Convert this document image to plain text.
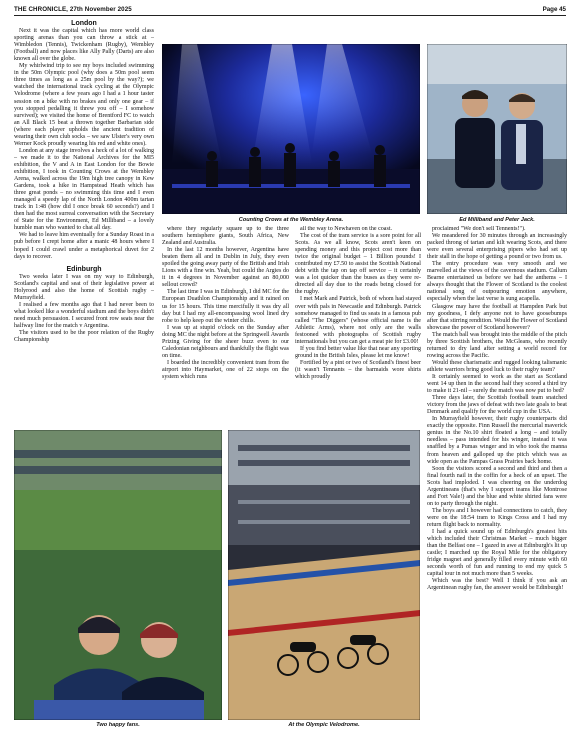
THE CHRONICLE, 27th November 2025	Page 45
London

Next it was the capital which has more world class sporting arenas than you can throw a stick at – Wimbledon (Tennis), Twickenham (Rugby), Wembley (Football) and now places like Ally Pally (Darts) are also known all over the globe.

My whirlwind trip to see my boys included swimming in the 50m Olympic pool (why does a 50m pool seem three times as long as a 25m pool by the way?); we watched the international track cycling at the Olympic Velodrome (where a few years ago I had a 1 hour taster session on a bike with no brakes and only one gear – if you stopped pedalling it threw you off – I somehow survived); we visited the home of Brentford FC to watch an All Black 15 beat a thrown together Barbarian side (where each player upholds the ancient tradition of wearing their own club socks – we saw Ulster's very own Werner Kock proudly wearing his red and white ones).

London at any stage involves a heck of a lot of walking – we made it to the National Archives for the MI5 exhibition, the V and A in East London for the Bowie exhibition, I took in Counting Crows at the Wembley Arena, walked across the 19m high tree canopy in Kew Gardens, took a hike in Hampstead Heath which has three great ponds – no swimming this time and I even managed a speedy lap of the North London 400m tartan track in 1:48 (how did I once break 60 seconds?) and I then had the most surreal conversation with the Secretary of State for the Environment, Ed Milliband – a lovely humble man who wanted to chat all day.

We had to leave him eventually for a Sunday Roast in a pub before I crept home after a manic 48 hours where I hoped I could crawl under a metaphorical duvet for 2 days to recover.

Edinburgh

Two weeks later I was on my way to Edinburgh, Scotland's capital and seat of their legislative power at Holyrood and also the home of Scottish rugby – Murrayfield.

I realised a few months ago that I had never been to what looked like a wonderful stadium and the boys didn't need much persuasion. I secured front row seats near the halfway line for the match v Argentina.

The visitors used to be the poor relation of the Rugby Championship

Counting Crows at the Wembley Arena.	Ed Milliband and Peter Jack.

where they regularly square up to the three southern hemisphere giants, South Africa, New Zealand and Australia.

In the last 12 months however, Argentina have beaten them all and in Dublin in July, they even spoiled the going away party of the British and Irish Lions with a fine win. Yeah, but could the Argies do it in 4 degrees in November against an 80,000 sellout crowd?

The last time I was in Edinburgh, I did MC for the European Duathlon Championship and it rained on us for 15 hours. This time mercifully it was dry all day but I had my all-encompassing wool lined dry robe to help keep out the winter chills.

I was up at stupid o'clock on the Sunday after doing MC the night before at the Springwell Awards Prizing Giving for the sheer buzz even to our Caledonian neighbours and thankfully the flight was on time.

I boarded the incredibly convenient tram from the airport into Haymarket, one of 22 stops on the system which runs

all the way to Newhaven on the coast.

The cost of the tram service is a sore point for all Scots. As we all know, Scots aren't keen on spending money and this project cost more than twice the original budget – 1 Billion pounds! I contributed my £7.50 to assist the Scottish National debt with the tap on tap off service – it certainly was a lot quicker than the buses as they were re-directed all day due to the roads being closed for the rugby.

I met Mark and Patrick, both of whom had stayed over with pals in Newcastle and Edinburgh. Patrick somehow managed to find us seats in a famous pub called "The Diggers" (whose official name is the Athletic Arms), where not only are the walls festooned with photographs of Scottish rugby internationals but you can get a meat pie for £3.00!

If you find better value like that near any sporting ground in the British Isles, please let me know!

Fortified by a pint or two of Scotland's finest beer (it wasn't Tennants – the barmaids wore shirts which proudly

proclaimed "We don't sell Tennents!").

We meandered for 30 minutes through an increasingly packed throng of tartan and kilt wearing Scots, and there were even several enterprising pipers who had set up their stall in the hope of getting a pound or two from us.

The entry procedure was very smooth and we marvelled at the views of the cavernous stadium. Callum Bearne entertained us before we had the anthems – I always thought that the Flower of Scotland is the coolest national song of outpouring emotion anywhere, especially when the last verse is sung acapella.

Glasgow may have the football at Hampden Park but my goodness, I defy anyone not to have goosebumps after that stirring rendition. Would the Flower of Scotland showcase the power of Scotland however?

The match ball was brought into the middle of the pitch by three Scottish brothers, the McGleans, who recently returned to dry land after setting a world record for rowing across the Pacific.

Would these charismatic and rugged looking talismanic athlete warriors bring good luck to their rugby team?

It certainly seemed to work as the start as Scotland went 14 up then in the second half they scored a third try to make it 21-nil – surely the match was now put to bed?

Three days later, the Scottish football team snatched victory from the jaws of defeat with two late goals to beat Denmark and qualify for the world cup in the USA.

In Murrayfield however, their rugby counterparts did exactly the opposite. Finn Russell the mercurial maverick genius in the No.10 shirt floated a long – and totally needless – pass intended for his winger, instead it was snaffled by a Pumas winger and in who took the manna from heaven and galloped up the pitch which was as wide open as the Pampas Grass Prairies back home.

Soon the visitors scored a second and third and then a final fourth nail in the coffin for a heck of an upset. The Scots had imploded. I was cheering on the underdog Argentineans (that's why I support teams like Montrose and Fort Vale!) and the blue and white shirted fans were on to party through the night.

The boys and I however had connections to catch, they were on the 18:54 tram to Kings Cross and I had my return flight back to normality.

I had a quick sound up of Edinburgh's greatest hits which included their Christmas Market – much bigger than the Belfast one – I gazed in awe at Edinburgh's lit up castle; I marched up the Royal Mile for the obligatory fridge magnet and generally filled every minute with 60 seconds worth of fun and running to end my quick 5 capital tour in not much more than 5 weeks.

Which was the best? Well I think if you ask an Argentinean rugby fan, the answer would be Edinburgh!

Two happy fans.	At the Olympic Velodrome.
